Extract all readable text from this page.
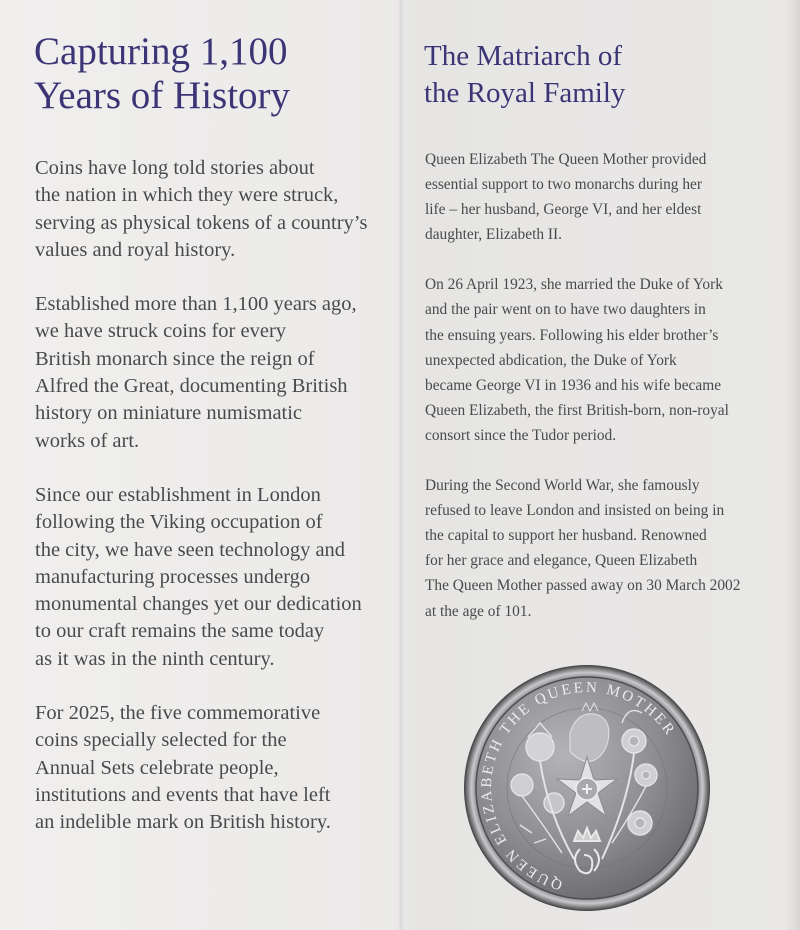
Capturing 1,100
Years of History

Coins have long told stories about
the nation in which they were struck,
serving as physical tokens of a country’s
values and royal history.

Established more than 1,100 years ago,
we have struck coins for every
British monarch since the reign of
Alfred the Great, documenting British
history on miniature numismatic
works of art.

Since our establishment in London
following the Viking occupation of
the city, we have seen technology and
manufacturing processes undergo
monumental changes yet our dedication
to our craft remains the same today
as it was in the ninth century.

For 2025, the five commemorative
coins specially selected for the
Annual Sets celebrate people,
institutions and events that have left
an indelible mark on British history.

The Matriarch of
the Royal Family

Queen Elizabeth The Queen Mother provided
essential support to two monarchs during her
life – her husband, George VI, and her eldest
daughter, Elizabeth II.

On 26 April 1923, she married the Duke of York
and the pair went on to have two daughters in
the ensuing years. Following his elder brother’s
unexpected abdication, the Duke of York
became George VI in 1936 and his wife became
Queen Elizabeth, the first British-born, non-royal
consort since the Tudor period.

During the Second World War, she famously
refused to leave London and insisted on being in
the capital to support her husband. Renowned
for her grace and elegance, Queen Elizabeth
The Queen Mother passed away on 30 March 2002
at the age of 101.

QUEEN ELIZABETH THE QUEEN MOTHER
